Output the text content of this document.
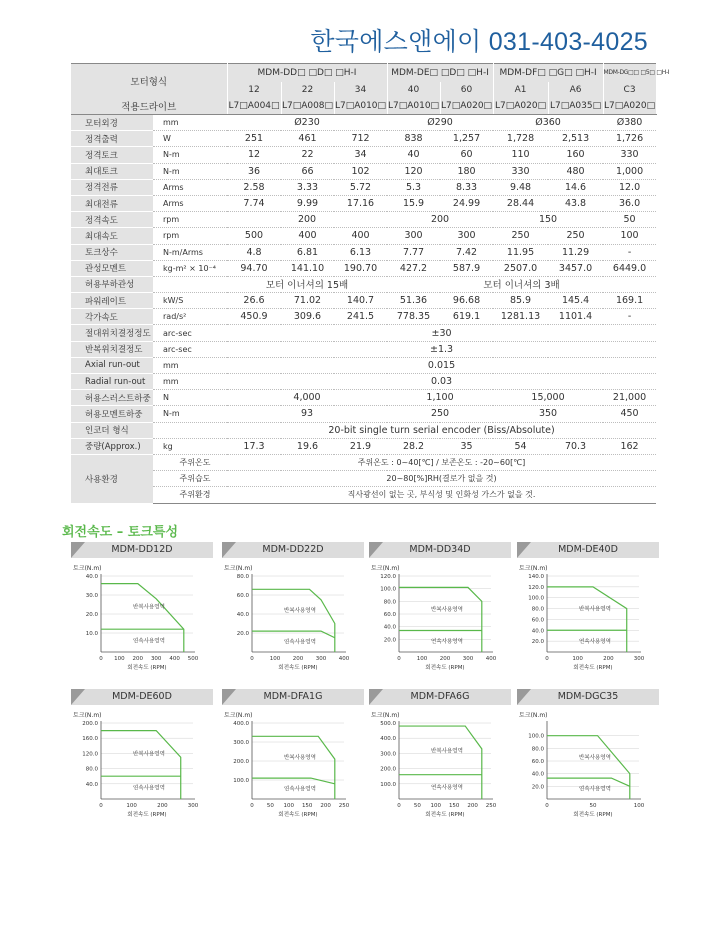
한국에스앤에이 031-403-4025
모터형식		MDM-DD□ □D□ □H-I			MDM-DE□ □D□ □H-I		MDM-DF□ □G□ □H-I		MDM-DG□□ □5□ □H-I
		12	22	34	40	60	A1	A6	C3
적용드라이브		L7□A004□	L7□A008□	L7□A010□	L7□A010□	L7□A020□	L7□A020□	L7□A035□	L7□A020□
모터외경	mm	Ø230			Ø290		Ø360		Ø380
정격출력	W	251	461	712	838	1,257	1,728	2,513	1,726
정격토크	N-m	12	22	34	40	60	110	160	330
최대토크	N-m	36	66	102	120	180	330	480	1,000
정격전류	Arms	2.58	3.33	5.72	5.3	8.33	9.48	14.6	12.0
최대전류	Arms	7.74	9.99	17.16	15.9	24.99	28.44	43.8	36.0
정격속도	rpm	200			200		150		50
최대속도	rpm	500	400	400	300	300	250	250	100
토크상수	N-m/Arms	4.8	6.81	6.13	7.77	7.42	11.95	11.29	-
관성모멘트	kg-m² × 10⁻⁴	94.70	141.10	190.70	427.2	587.9	2507.0	3457.0	6449.0
허용부하관성		모터 이너셔의 15배			모터 이너셔의 3배				
파워레이트	kW/S	26.6	71.02	140.7	51.36	96.68	85.9	145.4	169.1
각가속도	rad/s²	450.9	309.6	241.5	778.35	619.1	1281.13	1101.4	-
절대위치결정정도	arc-sec	±30							
반복위치결정도	arc-sec	±1.3							
Axial run-out	mm	0.015							
Radial run-out	mm	0.03							
허용스러스트하중	N	4,000			1,100		15,000		21,000
허용모멘트하중	N-m	93			250		350		450
인코더 형식		20-bit single turn serial encoder (Biss/Absolute)							
중량(Approx.)	kg	17.3	19.6	21.9	28.2	35	54	70.3	162
사용환경	주위온도	주위온도 : 0~40[℃] / 보존온도 : -20~60[℃]							
	주위습도	20~80[%]RH(결로가 없을 것)							
	주위환경	직사광선이 없는 곳, 부식성 및 인화성 가스가 없을 것.							
회전속도 – 토크특성
MDM-DD12D
토크(N.m)
10.0
20.0
30.0
40.0
0 100 200 300 400 500
반복사용영역
연속사용영역
회전속도 (RPM)
MDM-DD22D
토크(N.m)
20.0
40.0
60.0
80.0
0	100 200 300 400
반복사용영역
연속사용영역
회전속도 (RPM)
MDM-DD34D
토크(N.m)
20.0
40.0
60.0
80.0
100.0
120.0
0	100 200 300 400
반복사용영역
연속사용영역
회전속도 (RPM)
MDM-DE40D
토크(N.m)
20.0
40.0
60.0
80.0
100.0
120.0
140.0
0	100	200	300
반복사용영역
연속사용영역
회전속도 (RPM)
MDM-DE60D
토크(N.m)
40.0
80.0
120.0
160.0
200.0
0	100	200	300
반복사용영역
연속사용영역
회전속도 (RPM)
MDM-DFA1G
토크(N.m)
100.0
200.0
300.0
400.0
0 50 100 150 200 250
반복사용영역
연속사용영역
회전속도 (RPM)
MDM-DFA6G
토크(N.m)
100.0
200.0
300.0
400.0
500.0
0 50 100 150 200 250
반복사용영역
연속사용영역
회전속도 (RPM)
MDM-DGC35
토크(N.m)
20.0
40.0
60.0
80.0
100.0
0	50	100
반복사용영역
연속사용영역
회전속도 (RPM)
